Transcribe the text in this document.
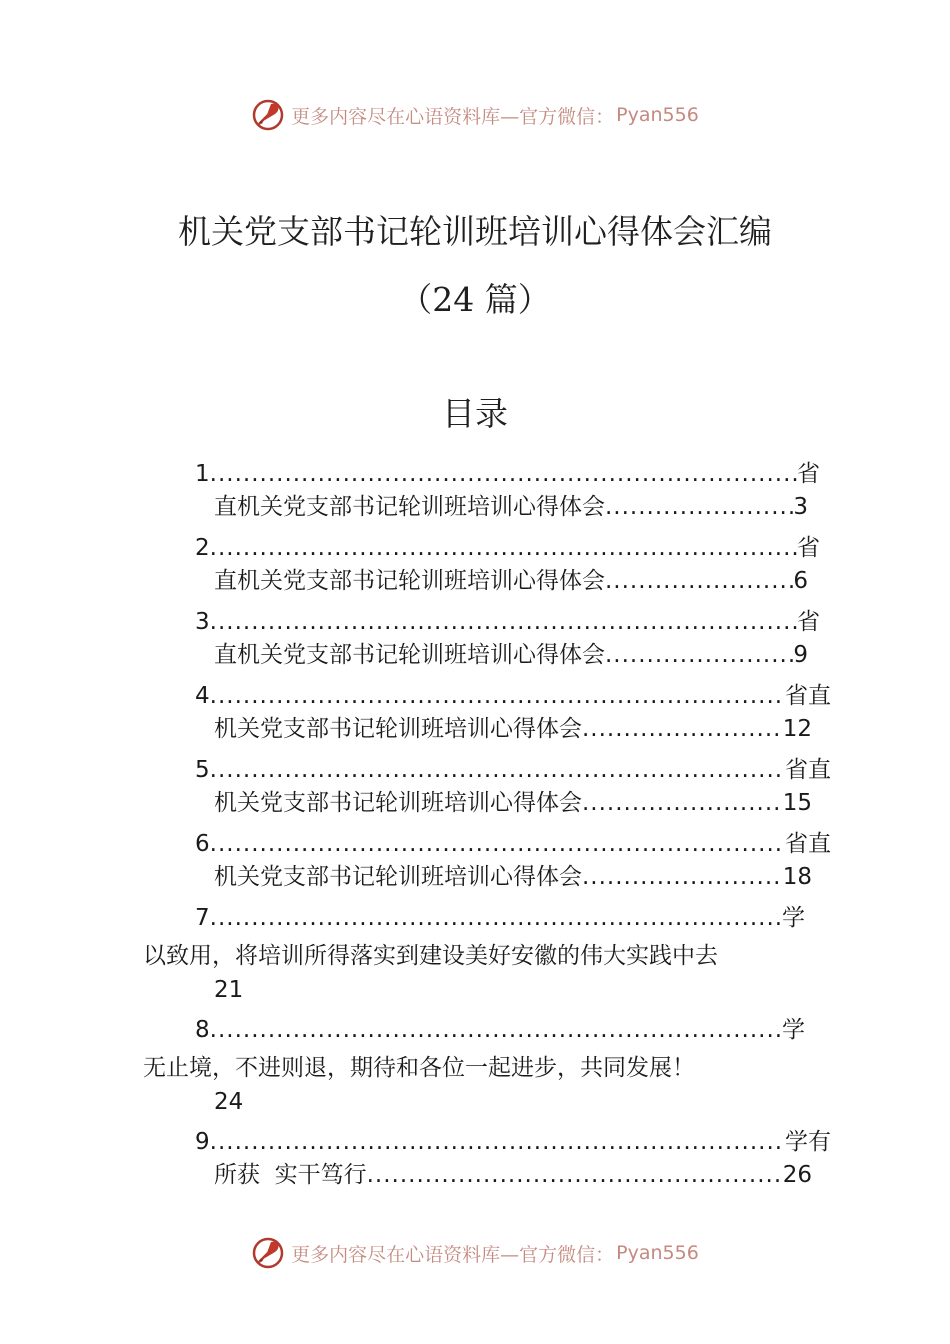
更多内容尽在心语资料库—官方微信： Pyan556
机关党支部书记轮训班培训心得体会汇编
（24 篇）
目录
1 .....	省
直机关党支部书记轮训班培训心得体会 .....	3
2 .....	省
直机关党支部书记轮训班培训心得体会 .....	6
3 .....	省
直机关党支部书记轮训班培训心得体会 .....	9
4 .....	省直
机关党支部书记轮训班培训心得体会 .....	12
5 .....	省直
机关党支部书记轮训班培训心得体会 .....	15
6 .....	省直
机关党支部书记轮训班培训心得体会 .....	18
7 .....	学
以致用，将培训所得落实到建设美好安徽的伟大实践中去
21
8 .....	学
无止境，不进则退，期待和各位一起进步，共同发展！
24
9 .....	学有
所获  实干笃行 .....	26
更多内容尽在心语资料库—官方微信： Pyan556
